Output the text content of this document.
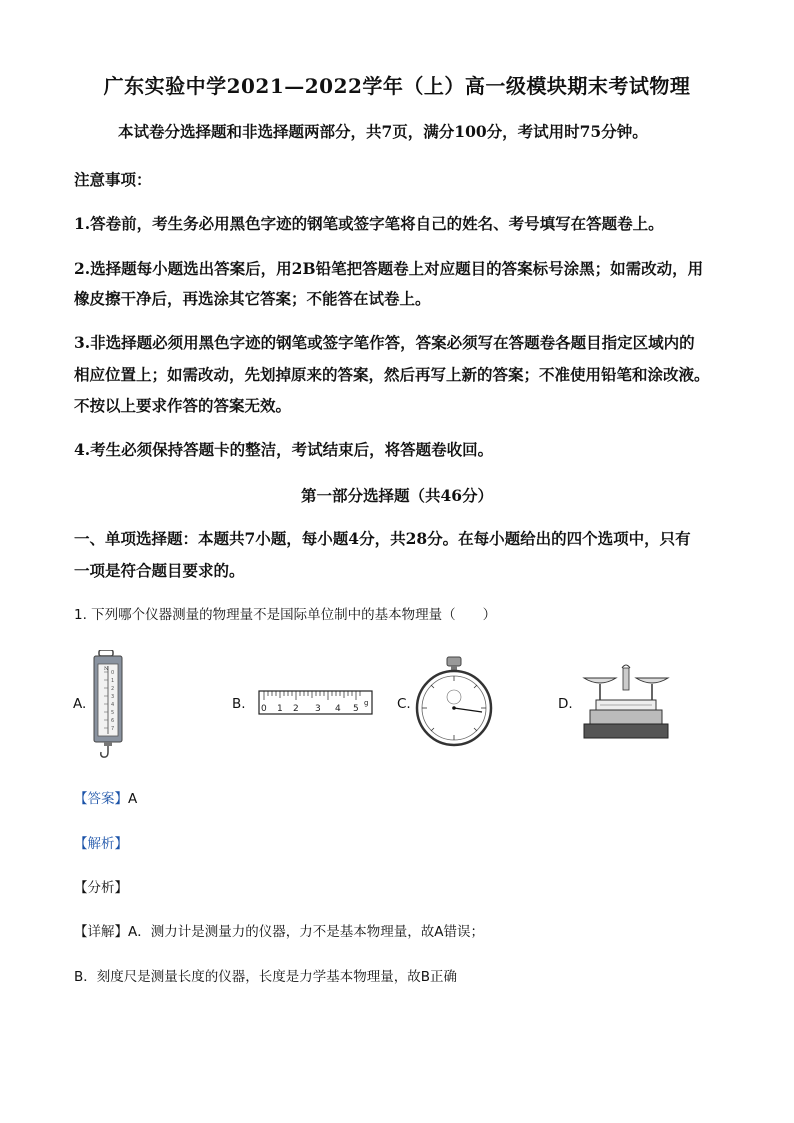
广东实验中学2021—2022学年（上）高一级模块期末考试物理
本试卷分选择题和非选择题两部分，共7页，满分100分，考试用时75分钟。
注意事项：
1.答卷前，考生务必用黑色字迹的钢笔或签字笔将自己的姓名、考号填写在答题卷上。
2.选择题每小题选出答案后，用2B铅笔把答题卷上对应题目的答案标号涂黑；如需改动，用
橡皮擦干净后，再选涂其它答案；不能答在试卷上。
3.非选择题必须用黑色字迹的钢笔或签字笔作答，答案必须写在答题卷各题目指定区域内的
相应位置上；如需改动，先划掉原来的答案，然后再写上新的答案；不准使用铅笔和涂改液。
不按以上要求作答的答案无效。
4.考生必须保持答题卡的整洁，考试结束后，将答题卷收回。
第一部分选择题（共46分）
一、单项选择题：本题共7小题，每小题4分，共28分。在每小题给出的四个选项中，只有
一项是符合题目要求的。
1. 下列哪个仪器测量的物理量不是国际单位制中的基本物理量（　　）
A.
N
0
1
2
3
4
5
6
7
B. 0 1 2 3 4 5
g C.	D.
【答案】A
【解析】
【分析】
【详解】A．测力计是测量力的仪器，力不是基本物理量，故A错误；
B．刻度尺是测量长度的仪器，长度是力学基本物理量，故B正确
